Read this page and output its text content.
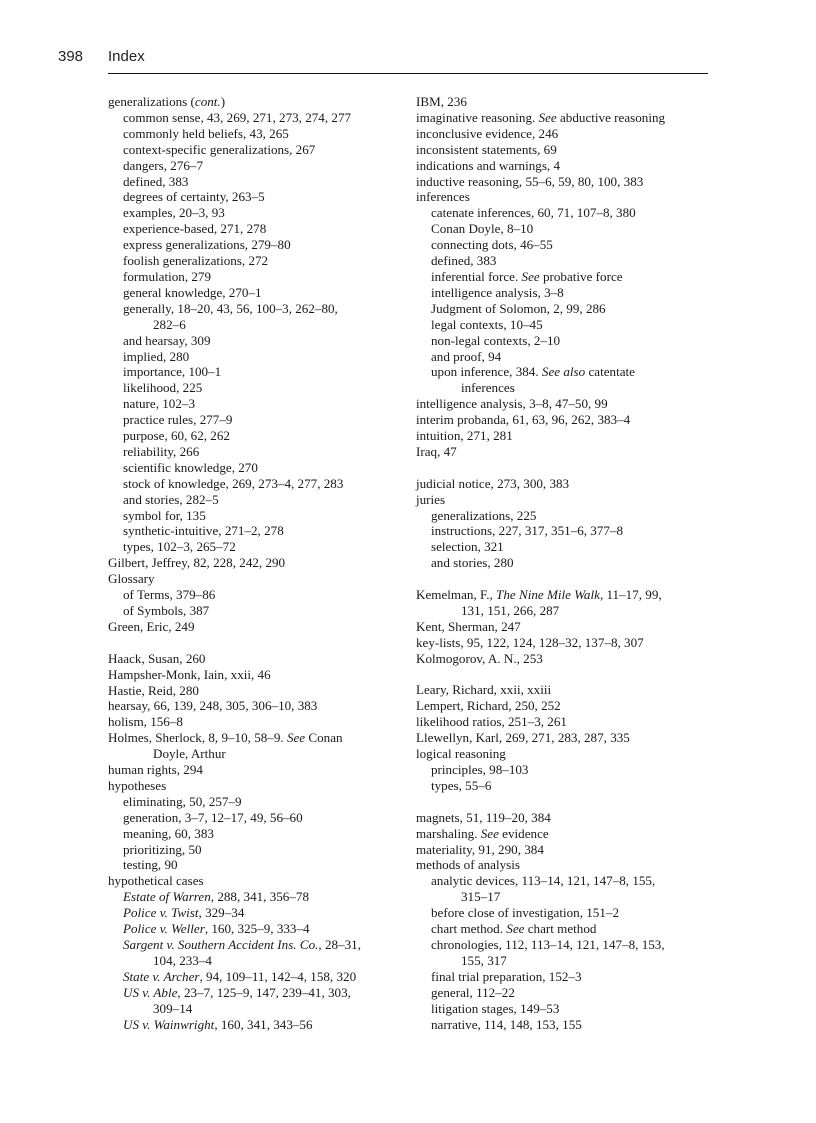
398 Index
generalizations (cont.)
common sense, 43, 269, 271, 273, 274, 277
commonly held beliefs, 43, 265
context-specific generalizations, 267
dangers, 276–7
defined, 383
degrees of certainty, 263–5
examples, 20–3, 93
experience-based, 271, 278
express generalizations, 279–80
foolish generalizations, 272
formulation, 279
general knowledge, 270–1
generally, 18–20, 43, 56, 100–3, 262–80,
282–6
and hearsay, 309
implied, 280
importance, 100–1
likelihood, 225
nature, 102–3
practice rules, 277–9
purpose, 60, 62, 262
reliability, 266
scientific knowledge, 270
stock of knowledge, 269, 273–4, 277, 283
and stories, 282–5
symbol for, 135
synthetic-intuitive, 271–2, 278
types, 102–3, 265–72
Gilbert, Jeffrey, 82, 228, 242, 290
Glossary
of Terms, 379–86
of Symbols, 387
Green, Eric, 249
Haack, Susan, 260
Hampsher-Monk, Iain, xxii, 46
Hastie, Reid, 280
hearsay, 66, 139, 248, 305, 306–10, 383
holism, 156–8
Holmes, Sherlock, 8, 9–10, 58–9. See Conan
Doyle, Arthur
human rights, 294
hypotheses
eliminating, 50, 257–9
generation, 3–7, 12–17, 49, 56–60
meaning, 60, 383
prioritizing, 50
testing, 90
hypothetical cases
Estate of Warren, 288, 341, 356–78
Police v. Twist, 329–34
Police v. Weller, 160, 325–9, 333–4
Sargent v. Southern Accident Ins. Co., 28–31,
104, 233–4
State v. Archer, 94, 109–11, 142–4, 158, 320
US v. Able, 23–7, 125–9, 147, 239–41, 303,
309–14
US v. Wainwright, 160, 341, 343–56
IBM, 236
imaginative reasoning. See abductive reasoning
inconclusive evidence, 246
inconsistent statements, 69
indications and warnings, 4
inductive reasoning, 55–6, 59, 80, 100, 383
inferences
catenate inferences, 60, 71, 107–8, 380
Conan Doyle, 8–10
connecting dots, 46–55
defined, 383
inferential force. See probative force
intelligence analysis, 3–8
Judgment of Solomon, 2, 99, 286
legal contexts, 10–45
non-legal contexts, 2–10
and proof, 94
upon inference, 384. See also catentate
inferences
intelligence analysis, 3–8, 47–50, 99
interim probanda, 61, 63, 96, 262, 383–4
intuition, 271, 281
Iraq, 47
judicial notice, 273, 300, 383
juries
generalizations, 225
instructions, 227, 317, 351–6, 377–8
selection, 321
and stories, 280
Kemelman, F., The Nine Mile Walk, 11–17, 99,
131, 151, 266, 287
Kent, Sherman, 247
key-lists, 95, 122, 124, 128–32, 137–8, 307
Kolmogorov, A. N., 253
Leary, Richard, xxii, xxiii
Lempert, Richard, 250, 252
likelihood ratios, 251–3, 261
Llewellyn, Karl, 269, 271, 283, 287, 335
logical reasoning
principles, 98–103
types, 55–6
magnets, 51, 119–20, 384
marshaling. See evidence
materiality, 91, 290, 384
methods of analysis
analytic devices, 113–14, 121, 147–8, 155,
315–17
before close of investigation, 151–2
chart method. See chart method
chronologies, 112, 113–14, 121, 147–8, 153,
155, 317
final trial preparation, 152–3
general, 112–22
litigation stages, 149–53
narrative, 114, 148, 153, 155
